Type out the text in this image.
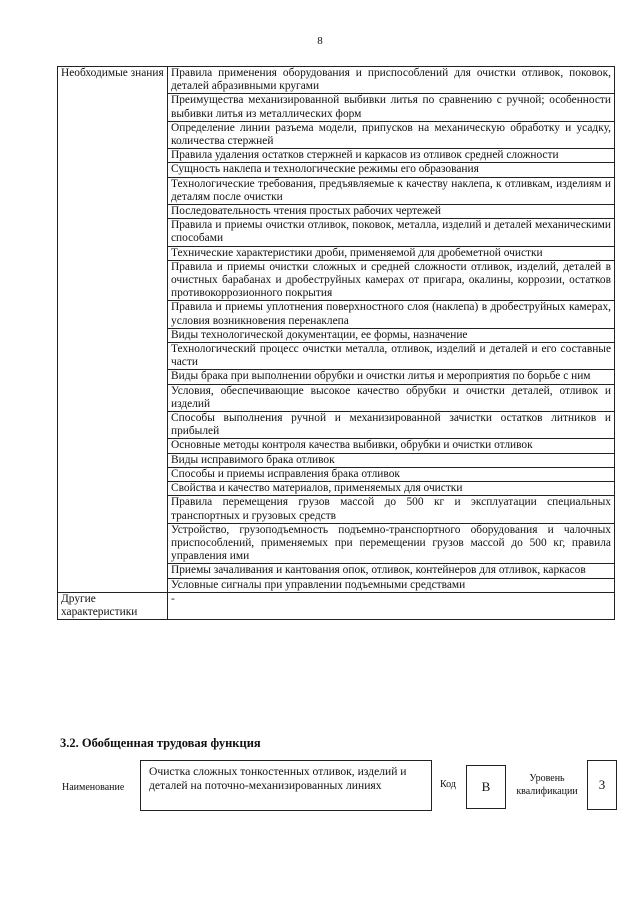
8
Необходимые знания	Правила применения оборудования и приспособлений для очистки отливок, поковок, деталей абразивными кругами
	Преимущества механизированной выбивки литья по сравнению с ручной; особенности выбивки литья из металлических форм
	Определение линии разъема модели, припусков на механическую обработку и усадку, количества стержней
	Правила удаления остатков стержней и каркасов из отливок средней сложности
	Сущность наклепа и технологические режимы его образования
	Технологические требования, предъявляемые к качеству наклепа, к отливкам, изделиям и деталям после очистки
	Последовательность чтения простых рабочих чертежей
	Правила и приемы очистки отливок, поковок, металла, изделий и деталей механическими способами
	Технические характеристики дроби, применяемой для дробеметной очистки
	Правила и приемы очистки сложных и средней сложности отливок, изделий, деталей в очистных барабанах и дробеструйных камерах от пригара, окалины, коррозии, остатков противокоррозионного покрытия
	Правила и приемы уплотнения поверхностного слоя (наклепа) в дробеструйных камерах, условия возникновения перенаклепа
	Виды технологической документации, ее формы, назначение
	Технологический процесс очистки металла, отливок, изделий и деталей и его составные части
	Виды брака при выполнении обрубки и очистки литья и мероприятия по борьбе с ним
	Условия, обеспечивающие высокое качество обрубки и очистки деталей, отливок и изделий
	Способы выполнения ручной и механизированной зачистки остатков литников и прибылей
	Основные методы контроля качества выбивки, обрубки и очистки отливок
	Виды исправимого брака отливок
	Способы и приемы исправления брака отливок
	Свойства и качество материалов, применяемых для очистки
	Правила перемещения грузов массой до 500 кг и эксплуатации специальных транспортных и грузовых средств
	Устройство, грузоподъемность подъемно-транспортного оборудования и чалочных приспособлений, применяемых при перемещении грузов массой до 500 кг, правила управления ими
	Приемы зачаливания и кантования опок, отливок, контейнеров для отливок, каркасов
	Условные сигналы при управлении подъемными средствами
Другие характеристики	-
3.2. Обобщенная трудовая функция
Наименование
Очистка сложных тонкостенных отливок, изделий и деталей на поточно-механизированных линиях	Код	B
Уровень квалификации	3
